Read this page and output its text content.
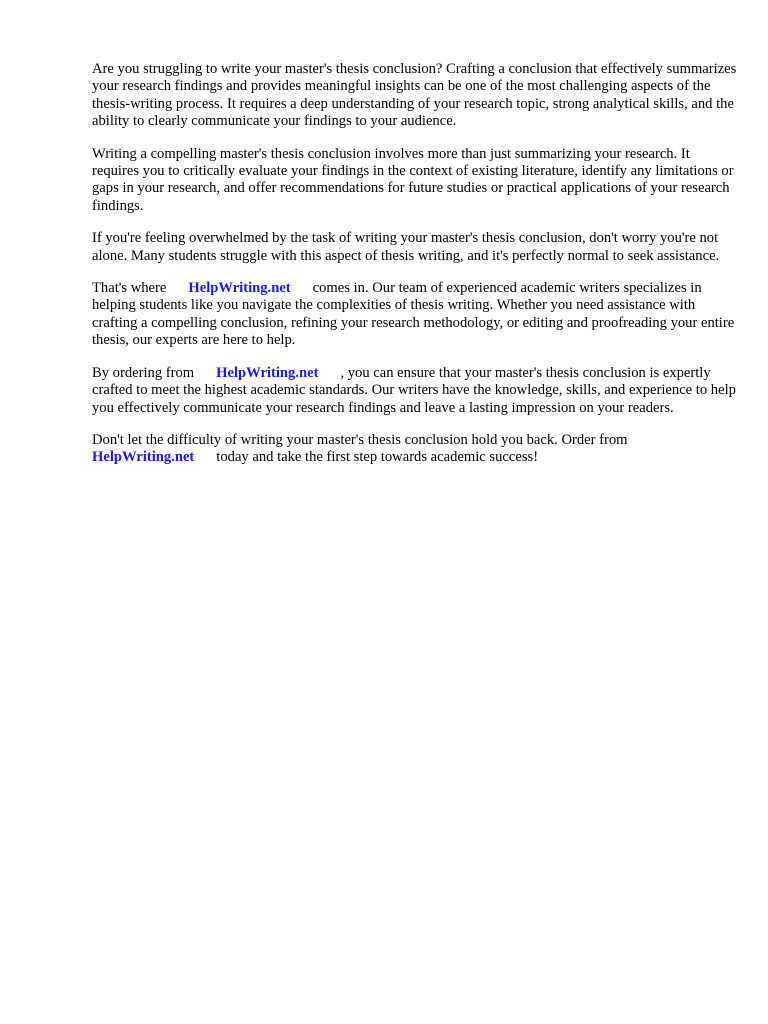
Are you struggling to write your master's thesis conclusion? Crafting a conclusion that effectively summarizes your research findings and provides meaningful insights can be one of the most challenging aspects of the thesis-writing process. It requires a deep understanding of your research topic, strong analytical skills, and the ability to clearly communicate your findings to your audience.

Writing a compelling master's thesis conclusion involves more than just summarizing your research. It requires you to critically evaluate your findings in the context of existing literature, identify any limitations or gaps in your research, and offer recommendations for future studies or practical applications of your research findings.

If you're feeling overwhelmed by the task of writing your master's thesis conclusion, don't worry you're not alone. Many students struggle with this aspect of thesis writing, and it's perfectly normal to seek assistance.

That's where HelpWriting.net comes in. Our team of experienced academic writers specializes in helping students like you navigate the complexities of thesis writing. Whether you need assistance with crafting a compelling conclusion, refining your research methodology, or editing and proofreading your entire thesis, our experts are here to help.

By ordering from HelpWriting.net , you can ensure that your master's thesis conclusion is expertly crafted to meet the highest academic standards. Our writers have the knowledge, skills, and experience to help you effectively communicate your research findings and leave a lasting impression on your readers.

Don't let the difficulty of writing your master's thesis conclusion hold you back. Order from HelpWriting.net today and take the first step towards academic success!
